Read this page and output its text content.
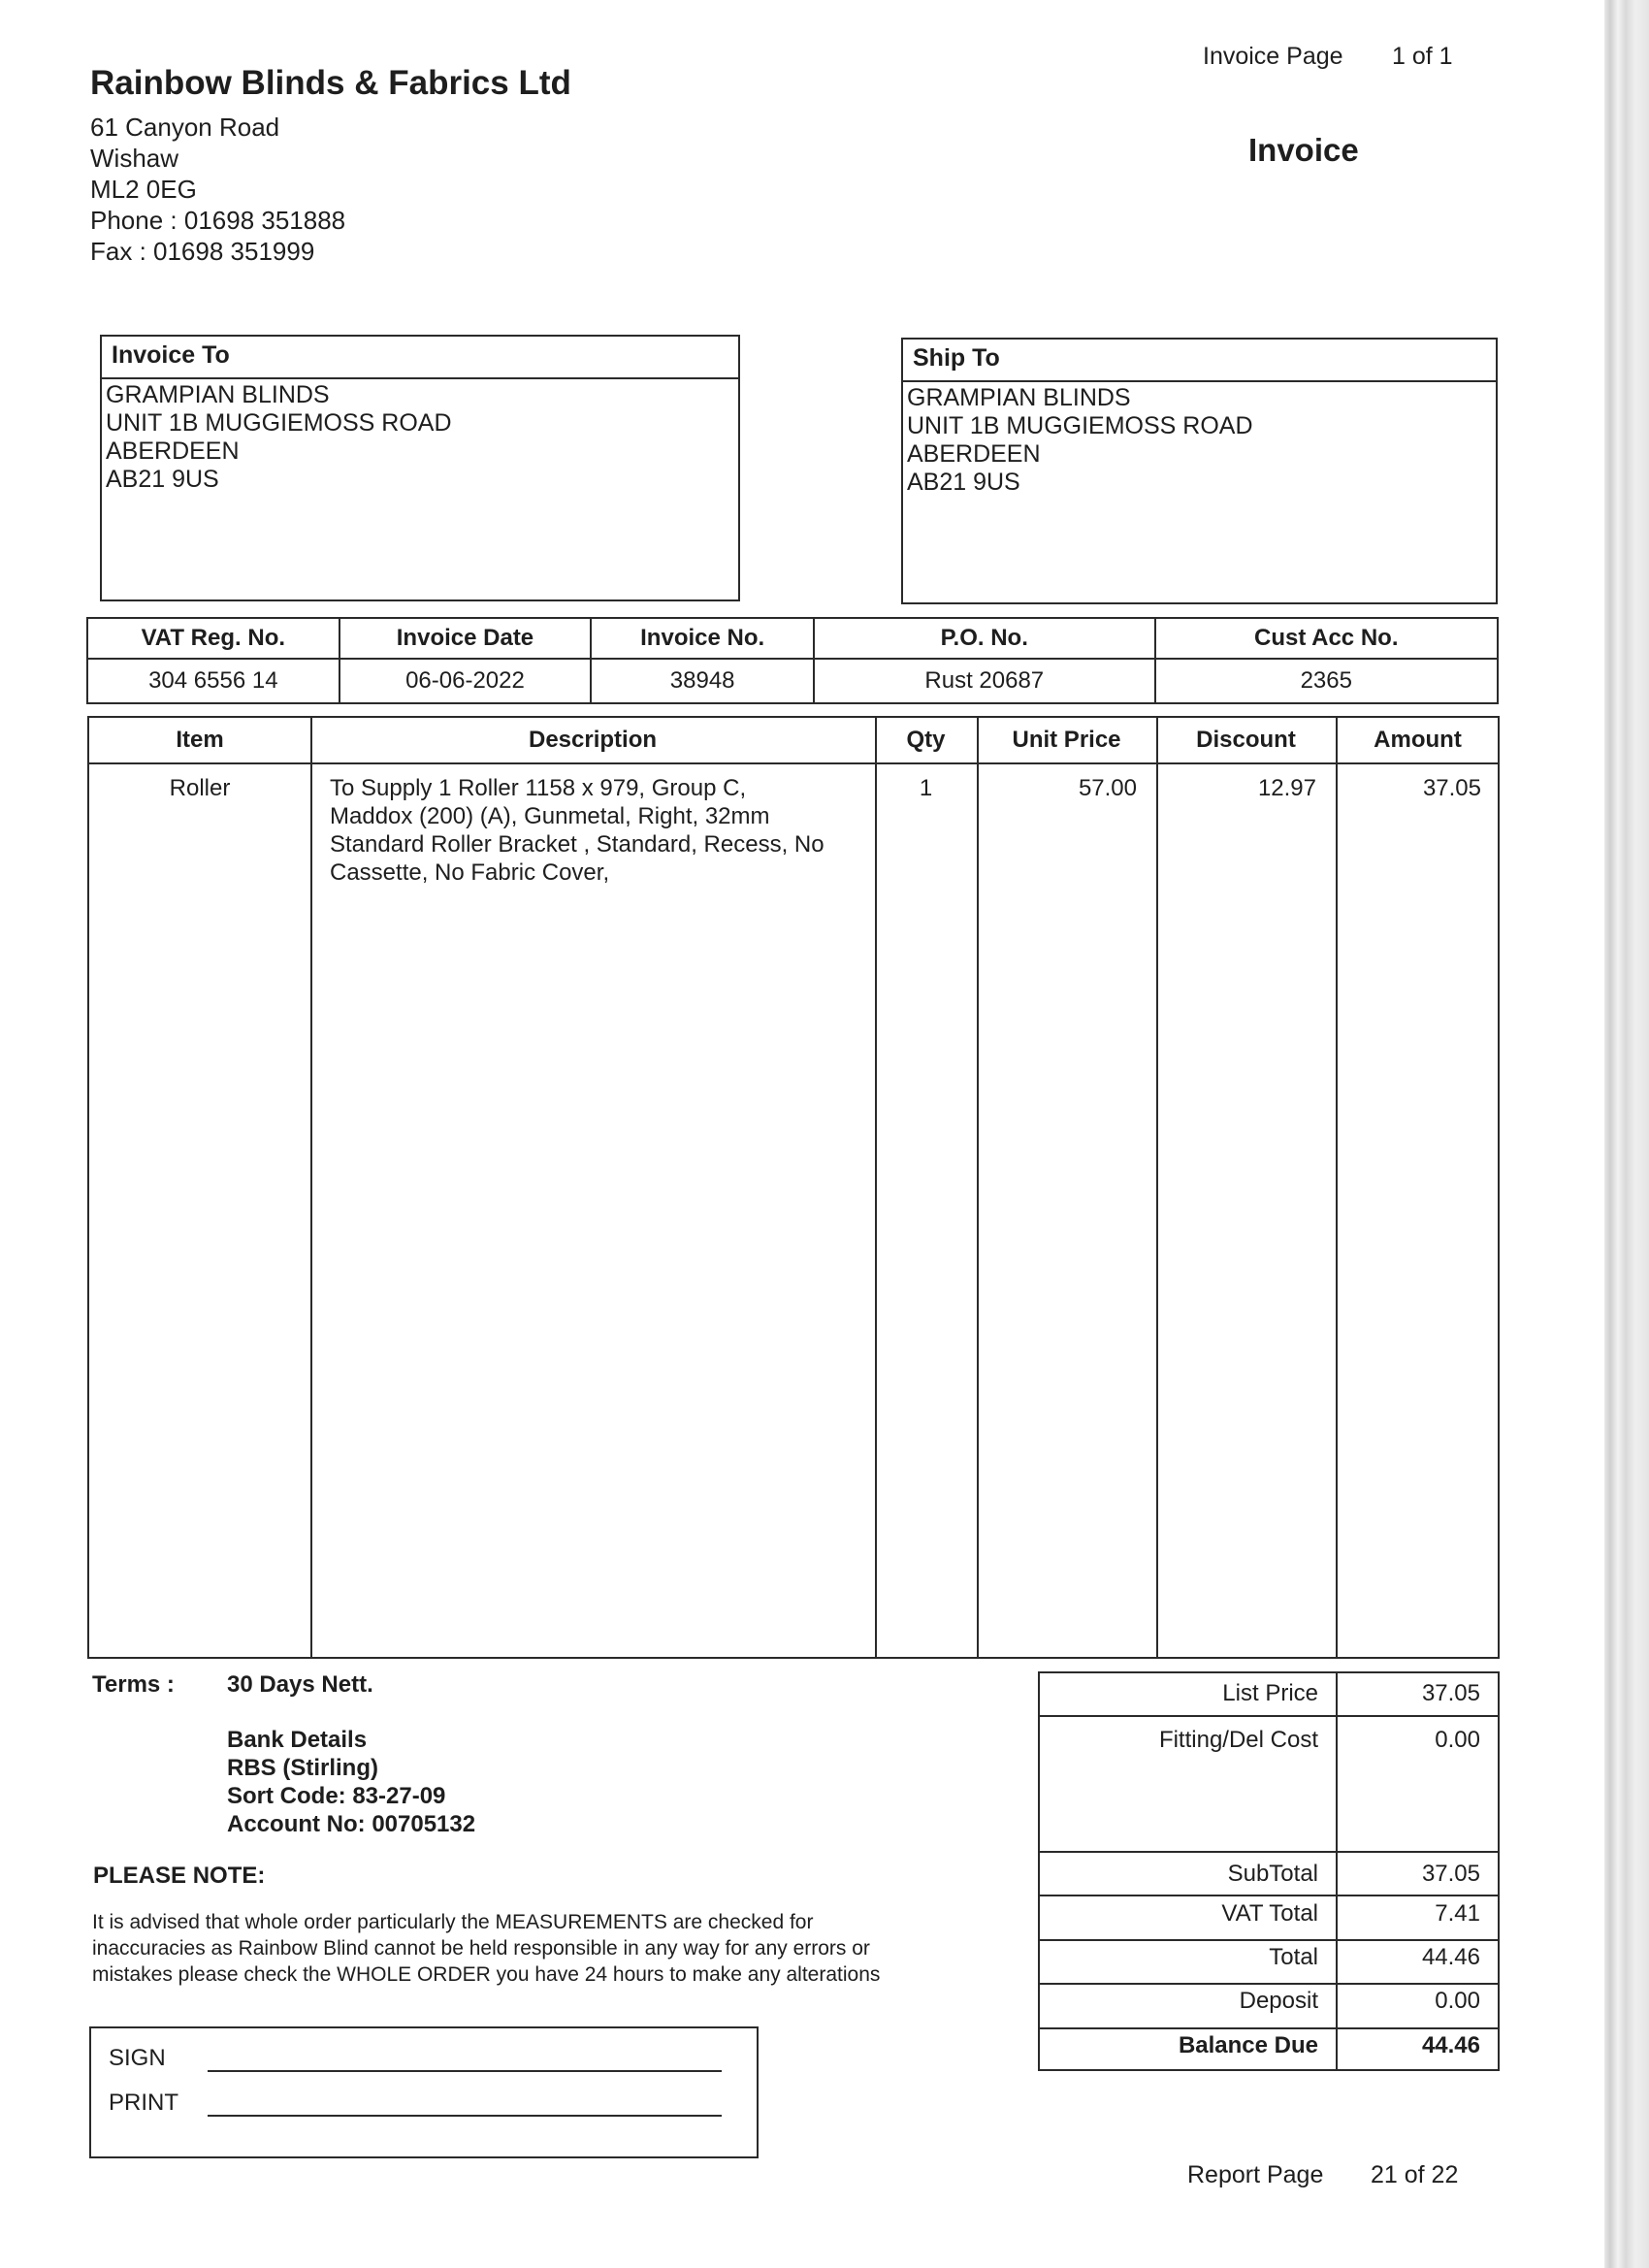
Rainbow Blinds & Fabrics Ltd
61 Canyon Road
Wishaw
ML2 0EG
Phone : 01698 351888
Fax : 01698 351999
Invoice Page 1 of 1
Invoice
Invoice To
GRAMPIAN BLINDS
UNIT 1B MUGGIEMOSS ROAD
ABERDEEN
AB21 9US
Ship To
GRAMPIAN BLINDS
UNIT 1B MUGGIEMOSS ROAD
ABERDEEN
AB21 9US
VAT Reg. No.	Invoice Date	Invoice No.	P.O. No.	Cust Acc No.
304 6556 14	06-06-2022	38948	Rust 20687	2365
Item	Description	Qty	Unit Price	Discount	Amount
Roller	To Supply 1 Roller 1158 x 979, Group C,
Maddox (200) (A), Gunmetal, Right, 32mm
Standard Roller Bracket , Standard, Recess, No
Cassette, No Fabric Cover,
1	57.00	12.97	37.05
Terms : 30 Days Nett.
Bank Details
RBS (Stirling)
Sort Code: 83-27-09
Account No: 00705132
PLEASE NOTE:
It is advised that whole order particularly the MEASUREMENTS are checked for
inaccuracies as Rainbow Blind cannot be held responsible in any way for any errors or
mistakes please check the WHOLE ORDER you have 24 hours to make any alterations
List Price	37.05
Fitting/Del Cost	0.00
SubTotal	37.05
VAT Total	7.41
Total	44.46
Deposit	0.00
Balance Due	44.46
SIGN
PRINT
Report Page 21 of 22
